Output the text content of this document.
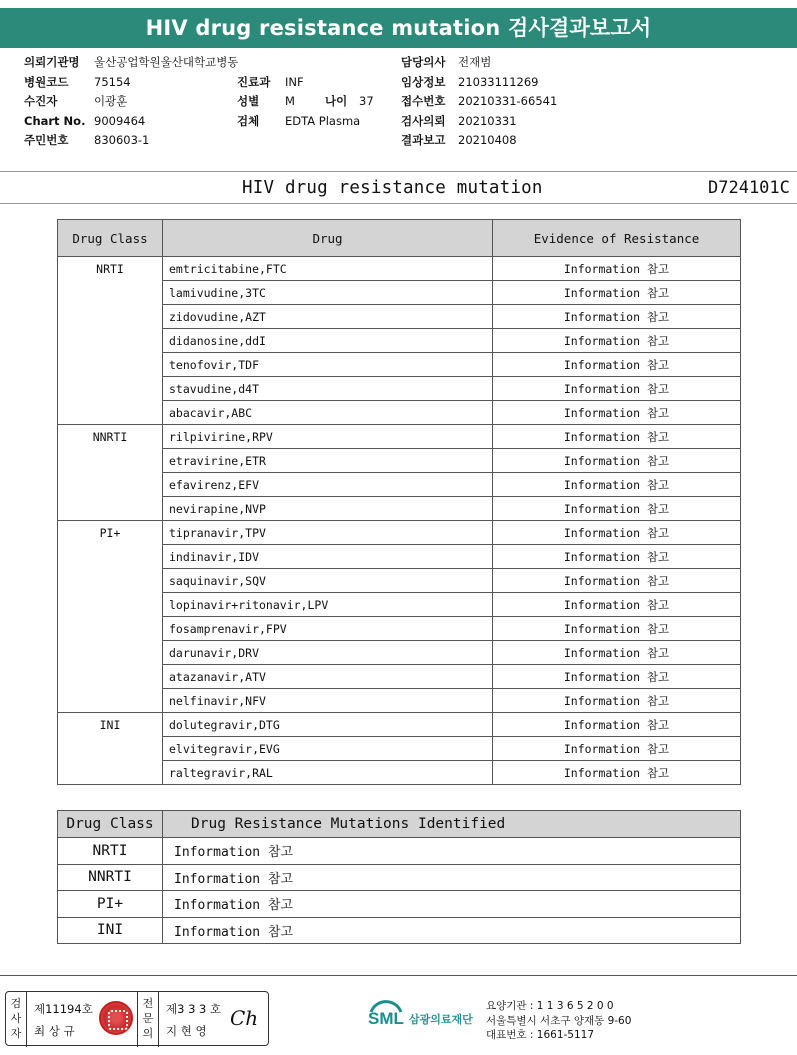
HIV drug resistance mutation 검사결과보고서
의뢰기관명 울산공업학원울산대학교병동
병원코드 75154
수진자	이광훈
Chart No. 9009464
주민번호 830603-1
진료과 INF
성별 M	나이 37
검체 EDTA Plasma
담당의사 전재범
임상정보 21033111269
접수번호 20210331-66541
검사의뢰 20210331
결과보고 20210408
HIV drug resistance mutation	D724101C
Drug Class	Drug	Evidence of Resistance
NRTI	emtricitabine,FTC	Information 참고
	lamivudine,3TC	Information 참고
	zidovudine,AZT	Information 참고
	didanosine,ddI	Information 참고
	tenofovir,TDF	Information 참고
	stavudine,d4T	Information 참고
	abacavir,ABC	Information 참고
NNRTI	rilpivirine,RPV	Information 참고
	etravirine,ETR	Information 참고
	efavirenz,EFV	Information 참고
	nevirapine,NVP	Information 참고
PI+	tipranavir,TPV	Information 참고
	indinavir,IDV	Information 참고
	saquinavir,SQV	Information 참고
	lopinavir+ritonavir,LPV	Information 참고
	fosamprenavir,FPV	Information 참고
	darunavir,DRV	Information 참고
	atazanavir,ATV	Information 참고
	nelfinavir,NFV	Information 참고
INI	dolutegravir,DTG	Information 참고
	elvitegravir,EVG	Information 참고
	raltegravir,RAL	Information 참고
Drug Class	Drug Resistance Mutations Identified
NRTI	Information 참고
NNRTI	Information 참고
PI+	Information 참고
INI	Information 참고
검사자
제11194호
최 상 규
전문의
제3 3 3 호
지 현 영
Ch	SML 삼광의료재단
요양기관 : 1 1 3 6 5 2 0 0
서울특별시 서초구 양재동 9-60
대표번호 : 1661-5117
